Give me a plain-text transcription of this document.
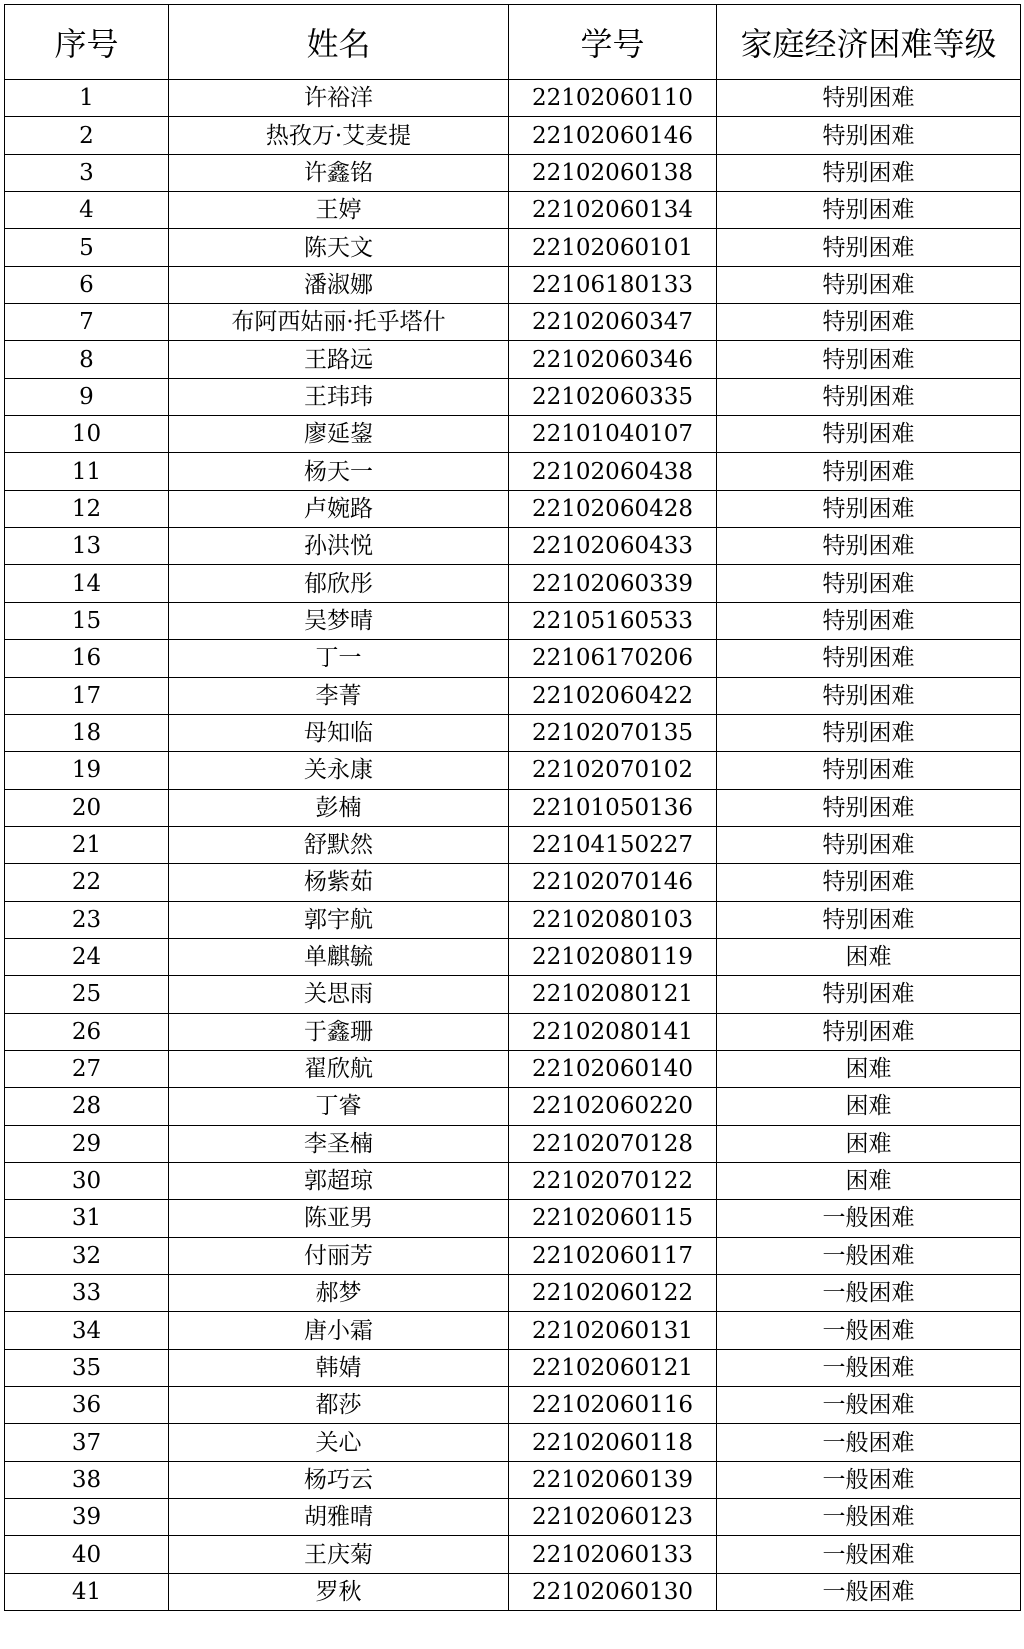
序号	姓名	学号	家庭经济困难等级
1	许裕洋	22102060110	特别困难
2	热孜万·艾麦提	22102060146	特别困难
3	许鑫铭	22102060138	特别困难
4	王婷	22102060134	特别困难
5	陈天文	22102060101	特别困难
6	潘淑娜	22106180133	特别困难
7	布阿西姑丽·托乎塔什	22102060347	特别困难
8	王路远	22102060346	特别困难
9	王玮玮	22102060335	特别困难
10	廖延鋆	22101040107	特别困难
11	杨天一	22102060438	特别困难
12	卢婉路	22102060428	特别困难
13	孙洪悦	22102060433	特别困难
14	郁欣彤	22102060339	特别困难
15	吴梦晴	22105160533	特别困难
16	丁一	22106170206	特别困难
17	李菁	22102060422	特别困难
18	母知临	22102070135	特别困难
19	关永康	22102070102	特别困难
20	彭楠	22101050136	特别困难
21	舒默然	22104150227	特别困难
22	杨紫茹	22102070146	特别困难
23	郭宇航	22102080103	特别困难
24	单麒毓	22102080119	困难
25	关思雨	22102080121	特别困难
26	于鑫珊	22102080141	特别困难
27	翟欣航	22102060140	困难
28	丁睿	22102060220	困难
29	李圣楠	22102070128	困难
30	郭超琼	22102070122	困难
31	陈亚男	22102060115	一般困难
32	付丽芳	22102060117	一般困难
33	郝梦	22102060122	一般困难
34	唐小霜	22102060131	一般困难
35	韩婧	22102060121	一般困难
36	都莎	22102060116	一般困难
37	关心	22102060118	一般困难
38	杨巧云	22102060139	一般困难
39	胡雅晴	22102060123	一般困难
40	王庆菊	22102060133	一般困难
41	罗秋	22102060130	一般困难
